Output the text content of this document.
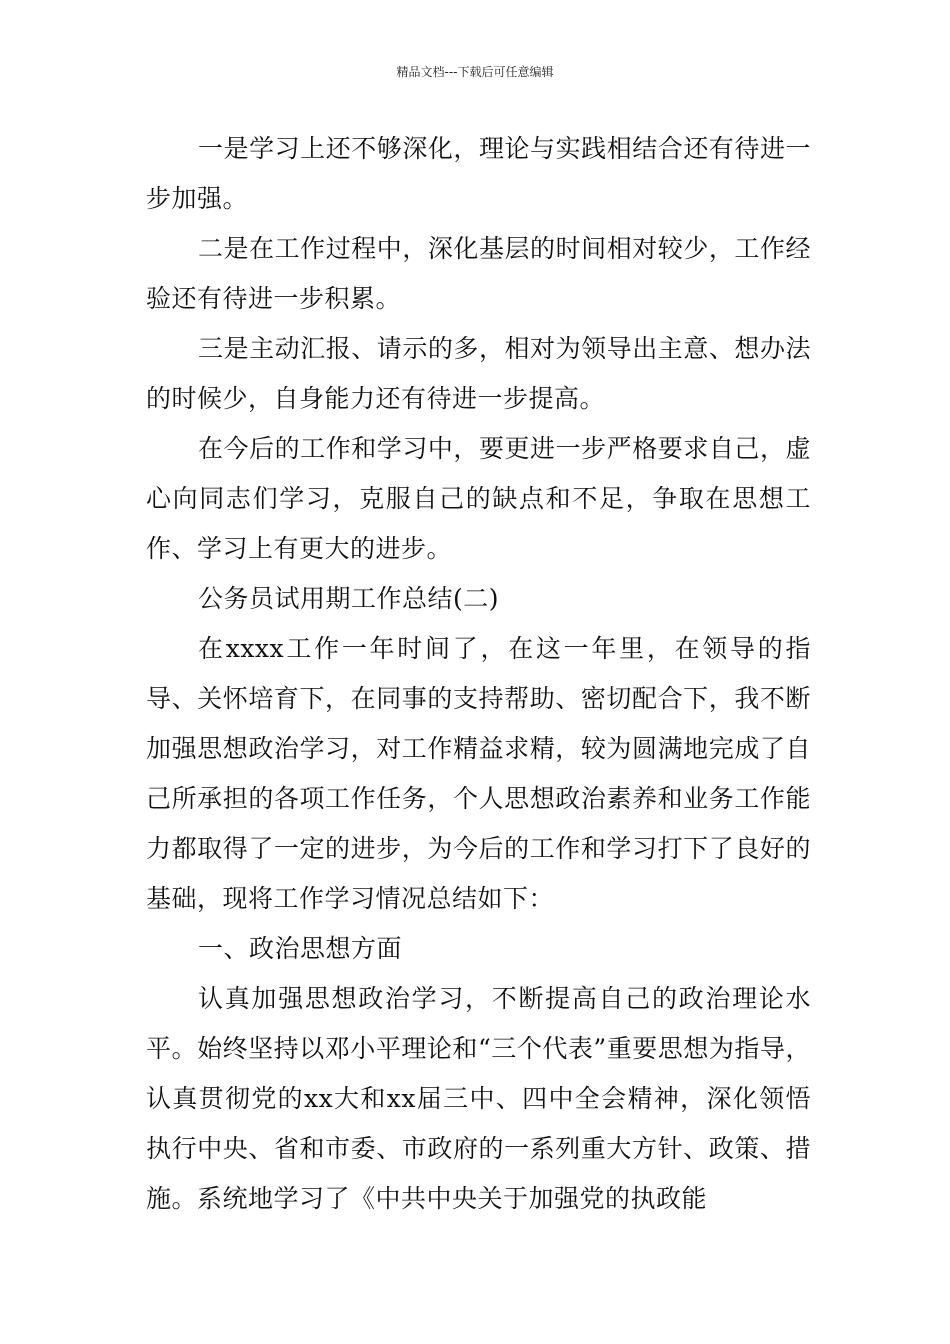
精品文档---下载后可任意编辑

一是学习上还不够深化，理论与实践相结合还有待进一步加强。

二是在工作过程中，深化基层的时间相对较少，工作经验还有待进一步积累。

三是主动汇报、请示的多，相对为领导出主意、想办法的时候少，自身能力还有待进一步提高。

在今后的工作和学习中，要更进一步严格要求自己，虚心向同志们学习，克服自己的缺点和不足，争取在思想工作、学习上有更大的进步。

公务员试用期工作总结(二)

在xxxx工作一年时间了，在这一年里，在领导的指导、关怀培育下，在同事的支持帮助、密切配合下，我不断加强思想政治学习，对工作精益求精，较为圆满地完成了自己所承担的各项工作任务，个人思想政治素养和业务工作能力都取得了一定的进步，为今后的工作和学习打下了良好的基础，现将工作学习情况总结如下：

一、政治思想方面

认真加强思想政治学习，不断提高自己的政治理论水平。始终坚持以邓小平理论和“三个代表”重要思想为指导，认真贯彻党的xx大和xx届三中、四中全会精神，深化领悟执行中央、省和市委、市政府的一系列重大方针、政策、措施。系统地学习了《中共中央关于加强党的执政能
